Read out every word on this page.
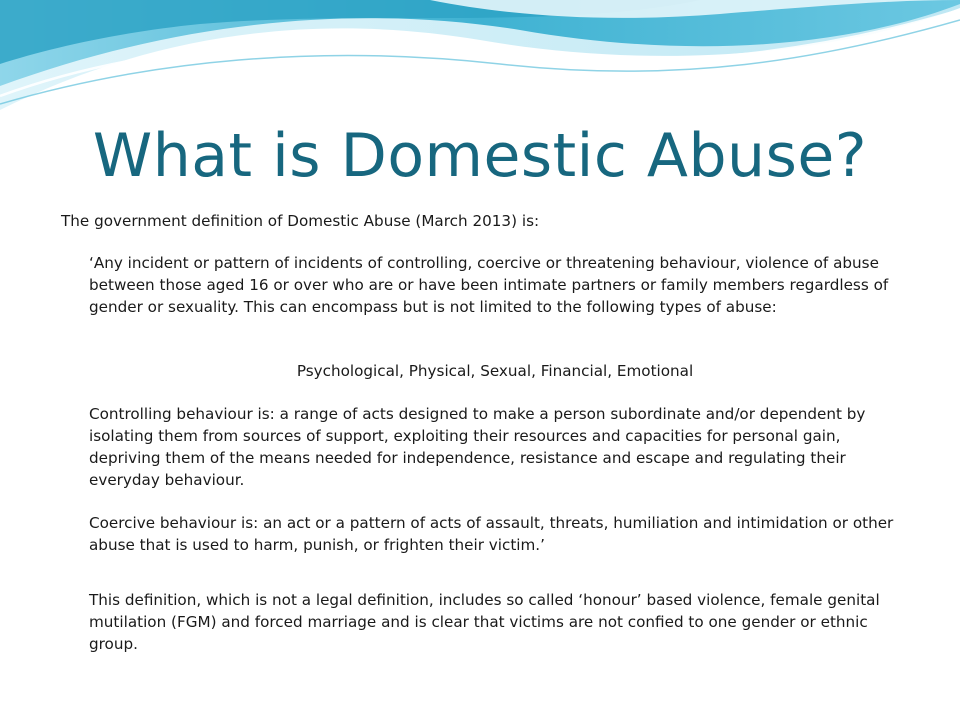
What is Domestic Abuse?

The government definition of Domestic Abuse (March 2013) is:

‘Any incident or pattern of incidents of controlling, coercive or threatening behaviour, violence of abuse between those aged 16 or over who are or have been intimate partners or family members regardless of gender or sexuality. This can encompass but is not limited to the following types of abuse:

Psychological, Physical, Sexual, Financial, Emotional

Controlling behaviour is: a range of acts designed to make a person subordinate and/or dependent by isolating them from sources of support, exploiting their resources and capacities for personal gain, depriving them of the means needed for independence, resistance and escape and regulating their everyday behaviour.

Coercive behaviour is: an act or a pattern of acts of assault, threats, humiliation and intimidation or other abuse that is used to harm, punish, or frighten their victim.’

This definition, which is not a legal definition, includes so called ‘honour’ based violence, female genital mutilation (FGM) and forced marriage and is clear that victims are not confied to one gender or ethnic group.
